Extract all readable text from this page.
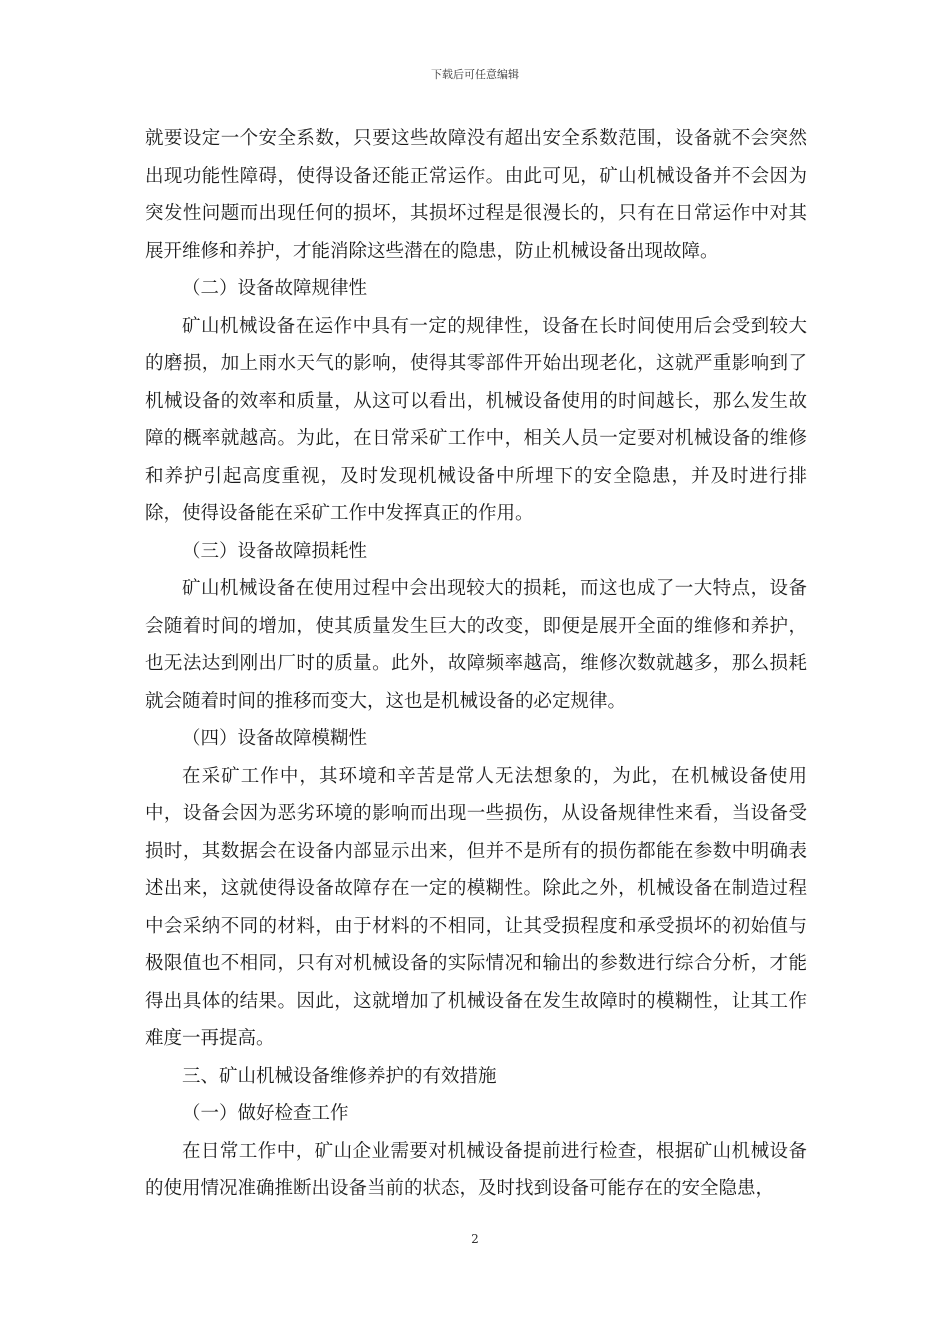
下载后可任意编辑

就要设定一个安全系数，只要这些故障没有超出安全系数范围，设备就不会突然出现功能性障碍，使得设备还能正常运作。由此可见，矿山机械设备并不会因为突发性问题而出现任何的损坏，其损坏过程是很漫长的，只有在日常运作中对其展开维修和养护，才能消除这些潜在的隐患，防止机械设备出现故障。

（二）设备故障规律性

矿山机械设备在运作中具有一定的规律性，设备在长时间使用后会受到较大的磨损，加上雨水天气的影响，使得其零部件开始出现老化，这就严重影响到了机械设备的效率和质量，从这可以看出，机械设备使用的时间越长，那么发生故障的概率就越高。为此，在日常采矿工作中，相关人员一定要对机械设备的维修和养护引起高度重视，及时发现机械设备中所埋下的安全隐患，并及时进行排除，使得设备能在采矿工作中发挥真正的作用。

（三）设备故障损耗性

矿山机械设备在使用过程中会出现较大的损耗，而这也成了一大特点，设备会随着时间的增加，使其质量发生巨大的改变，即便是展开全面的维修和养护，也无法达到刚出厂时的质量。此外，故障频率越高，维修次数就越多，那么损耗就会随着时间的推移而变大，这也是机械设备的必定规律。

（四）设备故障模糊性

在采矿工作中，其环境和辛苦是常人无法想象的，为此，在机械设备使用中，设备会因为恶劣环境的影响而出现一些损伤，从设备规律性来看，当设备受损时，其数据会在设备内部显示出来，但并不是所有的损伤都能在参数中明确表述出来，这就使得设备故障存在一定的模糊性。除此之外，机械设备在制造过程中会采纳不同的材料，由于材料的不相同，让其受损程度和承受损坏的初始值与极限值也不相同，只有对机械设备的实际情况和输出的参数进行综合分析，才能得出具体的结果。因此，这就增加了机械设备在发生故障时的模糊性，让其工作难度一再提高。

三、矿山机械设备维修养护的有效措施

（一）做好检查工作

在日常工作中，矿山企业需要对机械设备提前进行检查，根据矿山机械设备的使用情况准确推断出设备当前的状态，及时找到设备可能存在的安全隐患，

2
